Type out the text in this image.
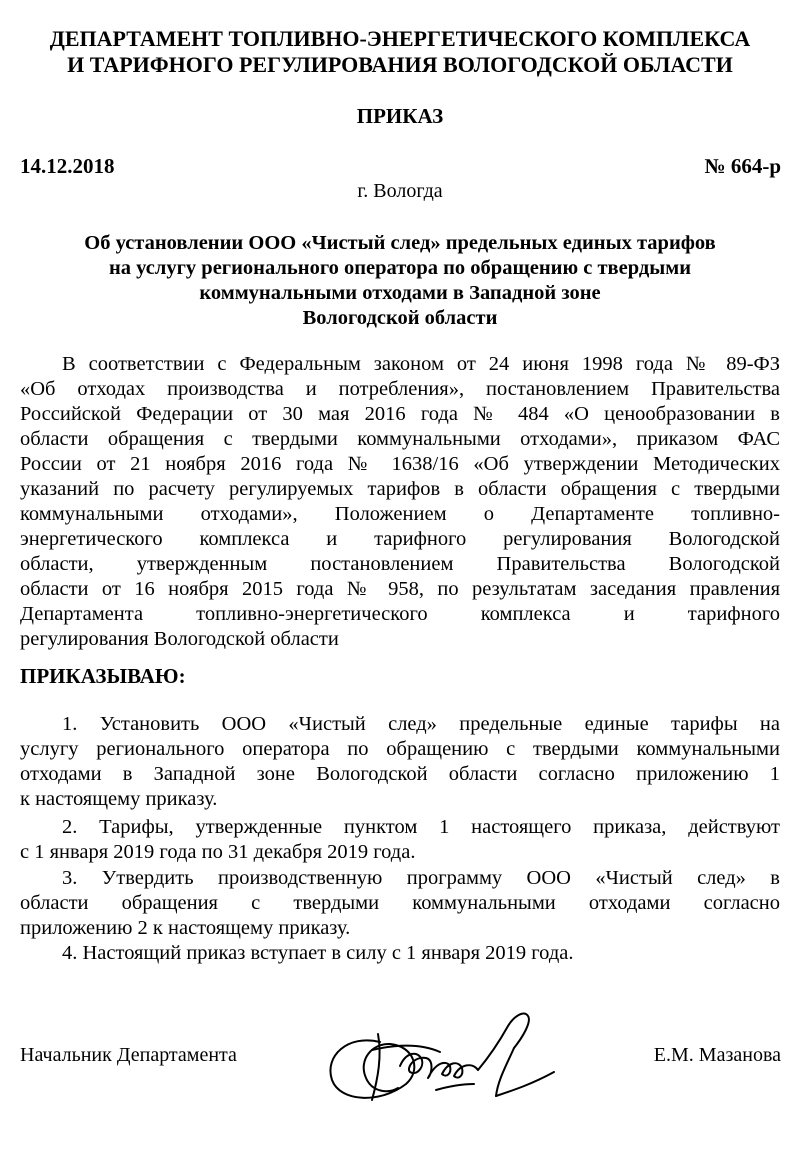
ДЕПАРТАМЕНТ ТОПЛИВНО-ЭНЕРГЕТИЧЕСКОГО КОМПЛЕКСА
И ТАРИФНОГО РЕГУЛИРОВАНИЯ ВОЛОГОДСКОЙ ОБЛАСТИ
ПРИКАЗ
14.12.2018	№ 664-р
г. Вологда
Об установлении ООО «Чистый след» предельных единых тарифов
на услугу регионального оператора по обращению с твердыми
коммунальными отходами в Западной зоне
Вологодской области
В соответствии с Федеральным законом от 24 июня 1998 года № 89-ФЗ
«Об отходах производства и потребления», постановлением Правительства
Российской Федерации от 30 мая 2016 года № 484 «О ценообразовании в
области обращения с твердыми коммунальными отходами», приказом ФАС
России от 21 ноября 2016 года № 1638/16 «Об утверждении Методических
указаний по расчету регулируемых тарифов в области обращения с твердыми
коммунальными отходами», Положением о Департаменте топливно-
энергетического комплекса и тарифного регулирования Вологодской
области, утвержденным постановлением Правительства Вологодской
области от 16 ноября 2015 года № 958, по результатам заседания правления
Департамента топливно-энергетического комплекса и тарифного
регулирования Вологодской области
ПРИКАЗЫВАЮ:
1. Установить ООО «Чистый след» предельные единые тарифы на
услугу регионального оператора по обращению с твердыми коммунальными
отходами в Западной зоне Вологодской области согласно приложению 1
к настоящему приказу.
2. Тарифы, утвержденные пунктом 1 настоящего приказа, действуют
с 1 января 2019 года по 31 декабря 2019 года.
3. Утвердить производственную программу ООО «Чистый след» в
области обращения с твердыми коммунальными отходами согласно
приложению 2 к настоящему приказу.
4. Настоящий приказ вступает в силу с 1 января 2019 года.
Начальник Департамента	Е.М. Мазанова
